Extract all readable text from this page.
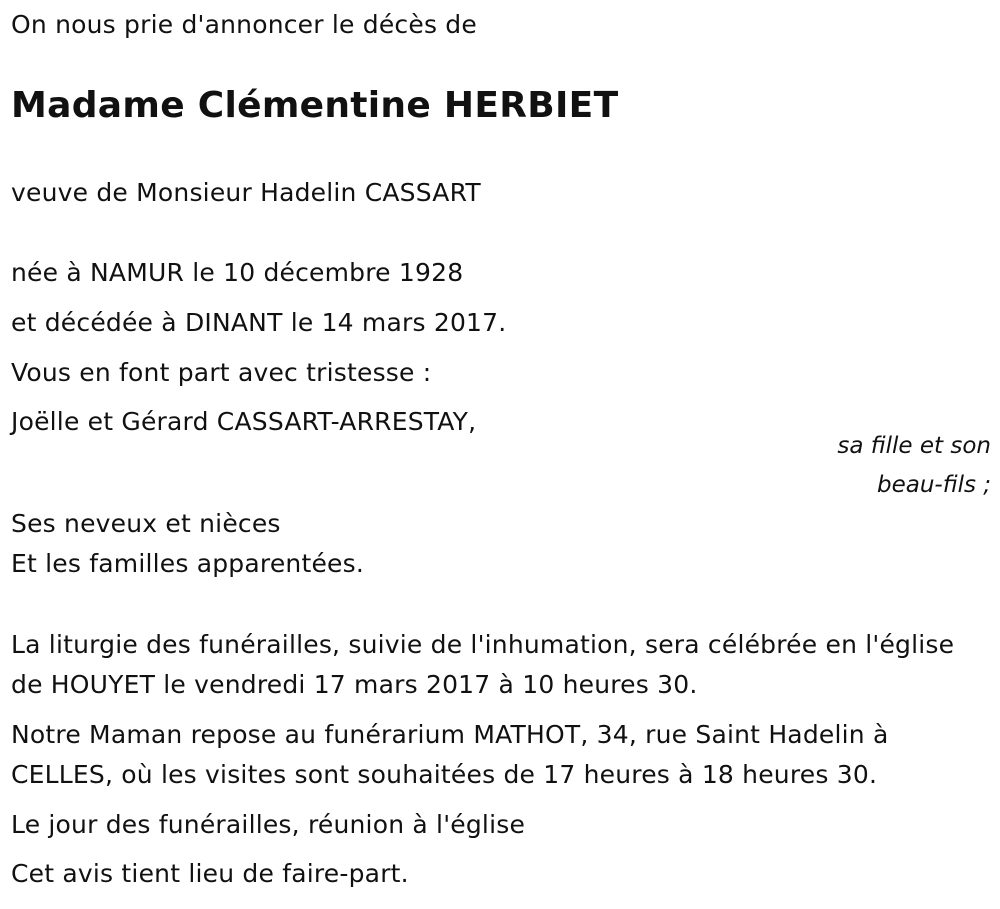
On nous prie d'annoncer le décès de
Madame Clémentine HERBIET
veuve de Monsieur Hadelin CASSART
née à NAMUR le 10 décembre 1928
et décédée à DINANT le 14 mars 2017.
Vous en font part avec tristesse :
Joëlle et Gérard CASSART-ARRESTAY,
sa fille et son
beau-fils ;
Ses neveux et nièces
Et les familles apparentées.
La liturgie des funérailles, suivie de l'inhumation, sera célébrée en l'église
de HOUYET le vendredi 17 mars 2017 à 10 heures 30.
Notre Maman repose au funérarium MATHOT, 34, rue Saint Hadelin à
CELLES, où les visites sont souhaitées de 17 heures à 18 heures 30.
Le jour des funérailles, réunion à l'église
Cet avis tient lieu de faire-part.
